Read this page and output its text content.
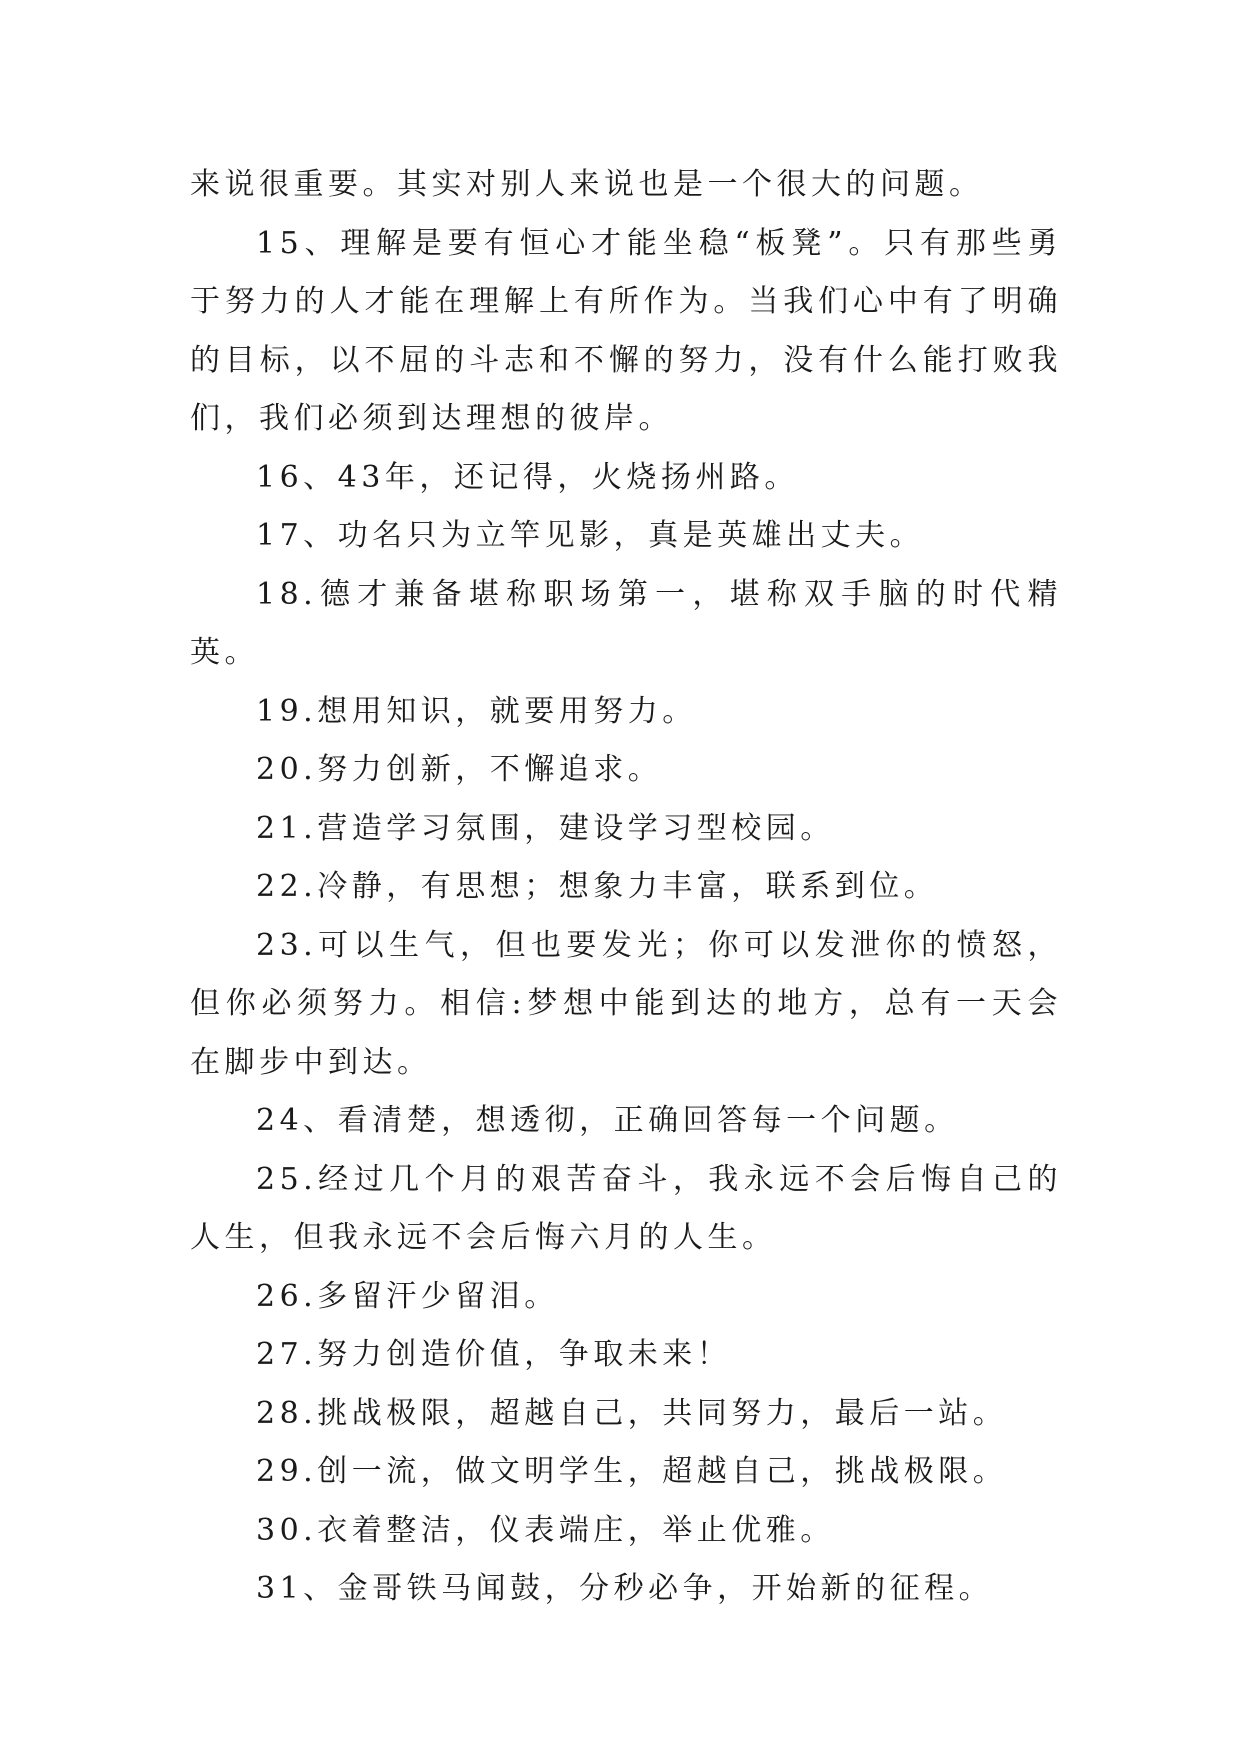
来说很重要。其实对别人来说也是一个很大的问题。

15、理解是要有恒心才能坐稳“板凳”。只有那些勇于努力的人才能在理解上有所作为。当我们心中有了明确的目标，以不屈的斗志和不懈的努力，没有什么能打败我们，我们必须到达理想的彼岸。

16、43年，还记得，火烧扬州路。

17、功名只为立竿见影，真是英雄出丈夫。

18.德才兼备堪称职场第一，堪称双手脑的时代精英。

19.想用知识，就要用努力。

20.努力创新，不懈追求。

21.营造学习氛围，建设学习型校园。

22.冷静，有思想；想象力丰富，联系到位。

23.可以生气，但也要发光；你可以发泄你的愤怒，但你必须努力。相信:梦想中能到达的地方，总有一天会在脚步中到达。

24、看清楚，想透彻，正确回答每一个问题。

25.经过几个月的艰苦奋斗，我永远不会后悔自己的人生，但我永远不会后悔六月的人生。

26.多留汗少留泪。

27.努力创造价值，争取未来！

28.挑战极限，超越自己，共同努力，最后一站。

29.创一流，做文明学生，超越自己，挑战极限。

30.衣着整洁，仪表端庄，举止优雅。

31、金哥铁马闻鼓，分秒必争，开始新的征程。
